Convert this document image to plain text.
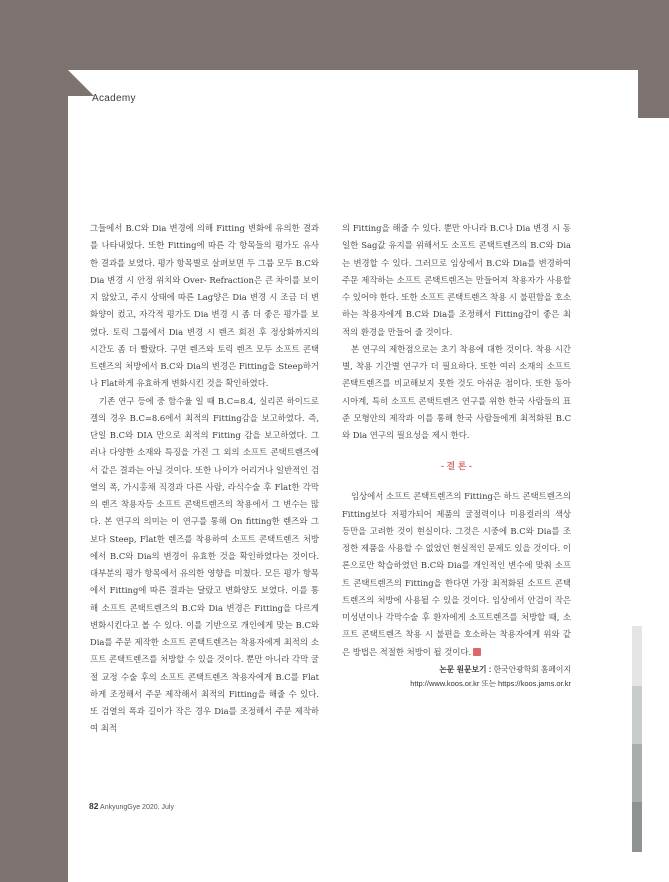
Academy

그들에서 B.C와 Dia 변경에 의해 Fitting 변화에 유의한 결과를 나타내었다. 또한 Fitting에 따른 각 항목들의 평가도 유사한 결과를 보였다. 평가 항목별로 살펴보면 두 그룹 모두 B.C와 Dia 변경 시 안정 위치와 Over- Refraction은 큰 차이를 보이지 않았고, 주시 상태에 따른 Lag양은 Dia 변경 시 조금 더 변화양이 컸고, 자각적 평가도 Dia 변경 시 좀 더 좋은 평가를 보였다. 토릭 그룹에서 Dia 변경 시 렌즈 회전 후 정상화까지의 시간도 좀 더 빨랐다. 구면 렌즈와 토릭 렌즈 모두 소프트 콘택트렌즈의 처방에서 B.C와 Dia의 변경은 Fitting을 Steep하거나 Flat하게 유효하게 변화시킨 것을 확인하였다.

기존 연구 등에 중 함수율 일 때 B.C=8.4, 실리콘 하이드로겔의 경우 B.C=8.6에서 최적의 Fitting감을 보고하였다. 즉, 단일 B.C와 DIA 만으로 최적의 Fitting 감을 보고하였다. 그러나 다양한 소재와 특징을 가진 그 외의 소프트 콘택트렌즈에서 같은 결과는 아닐 것이다. 또한 나이가 어리거나 일반적인 검열의 폭, 가시홍채 직경과 다른 사람, 라식수술 후 Flat한 각막의 렌즈 착용자등 소프트 콘택트렌즈의 착용에서 그 변수는 많다. 본 연구의 의미는 이 연구를 통해 On fitting한 렌즈와 그보다 Steep, Flat한 렌즈를 착용하여 소프트 콘택트렌즈 처방에서 B.C와 Dia의 변경이 유효한 것을 확인하였다는 것이다. 대부분의 평가 항목에서 유의한 영향을 미쳤다. 모든 평가 항목에서 Fitting에 따른 결과는 달랐고 변화양도 보였다. 이를 통해 소프트 콘택트렌즈의 B.C와 Dia 변경은 Fitting을 다르게 변화시킨다고 볼 수 있다. 이를 기반으로 개인에게 맞는 B.C와 Dia를 주문 제작한 소프트 콘택트렌즈는 착용자에게 최적의 소프트 콘택트렌즈를 처방할 수 있을 것이다. 뿐만 아니라 각막 굴절 교정 수술 후의 소프트 콘택트렌즈 착용자에게 B.C를 Flat하게 조정해서 주문 제작해서 최적의 Fitting을 해줄 수 있다. 또 검열의 폭과 길이가 작은 경우 Dia를 조정해서 주문 제작하여 최적

의 Fitting을 해줄 수 있다. 뿐만 아니라 B.C나 Dia 변경 시 동일한 Sag값 유지를 위해서도 소프트 콘택트렌즈의 B.C와 Dia는 변경할 수 있다. 그러므로 임상에서 B.C와 Dia를 변경하여 주문 제작하는 소프트 콘택트렌즈는 만들어져 착용자가 사용할 수 있어야 한다. 또한 소프트 콘택트렌즈 착용 시 불편함을 호소하는 착용자에게 B.C와 Dia를 조정해서 Fitting감이 좋은 최적의 환경을 만들어 줄 것이다.

본 연구의 제한점으로는 초기 착용에 대한 것이다. 착용 시간별, 착용 기간별 연구가 더 필요하다. 또한 여러 소재의 소프트 콘택트렌즈를 비교해보지 못한 것도 아쉬운 점이다. 또한 동아시아계, 특히 소프트 콘택트렌즈 연구를 위한 한국 사람들의 표준 모형안의 제작과 이를 통해 한국 사람들에게 최적화된 B.C와 Dia 연구의 필요성을 제시 한다.

- 결 론 -

임상에서 소프트 콘택트렌즈의 Fitting은 하드 콘택트렌즈의 Fitting보다 저평가되어 제품의 굴절력이나 미용컬러의 색상 등만을 고려한 것이 현실이다. 그것은 시중에 B.C와 Dia를 조정한 제품을 사용할 수 없었던 현실적인 문제도 있을 것이다. 이론으로만 학습하였던 B.C와 Dia를 개인적인 변수에 맞춰 소프트 콘택트렌즈의 Fitting을 한다면 가장 최적화된 소프트 콘택트렌즈의 처방에 사용될 수 있을 것이다. 임상에서 안검이 작은 미성년이나 각막수술 후 환자에게 소프트렌즈를 처방할 때, 소프트 콘택트렌즈 착용 시 불편을 호소하는 착용자에게 위와 같은 방법은 적절한 처방이 될 것이다.

논문 원문보기 : 한국안광학회 홈페이지
http://www.koos.or.kr 또는 https://koos.jams.or.kr
82 AnkyungGye 2020. July
